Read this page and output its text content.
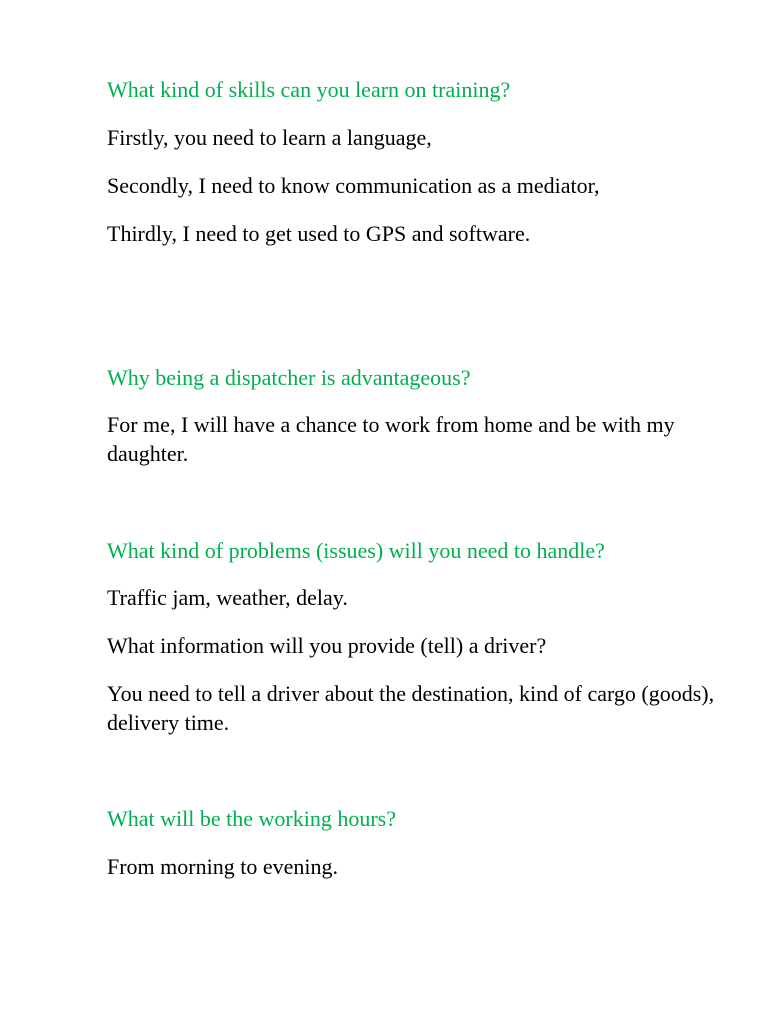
What kind of skills can you learn on training?

Firstly, you need to learn a language,

Secondly, I need to know communication as a mediator,

Thirdly, I need to get used to GPS and software.

Why being a dispatcher is advantageous?

For me, I will have a chance to work from home and be with my daughter.

What kind of problems (issues) will you need to handle?

Traffic jam, weather, delay.

What information will you provide (tell) a driver?

You need to tell a driver about the destination, kind of cargo (goods), delivery time.

What will be the working hours?

From morning to evening.
